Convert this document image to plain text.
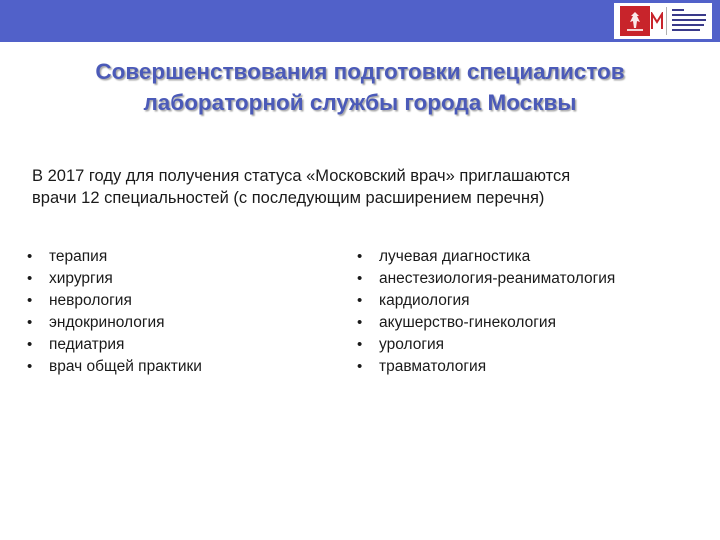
Совершенствования подготовки специалистов
лабораторной службы города Москвы

В 2017 году для получения статуса «Московский врач» приглашаются
врачи 12 специальностей (с последующим расширением перечня)

• терапия
• хирургия
• неврология
• эндокринология
• педиатрия
• врач общей практики
• лучевая диагностика
• анестезиология-реаниматология
• кардиология
• акушерство-гинекология
• урология
• травматология
